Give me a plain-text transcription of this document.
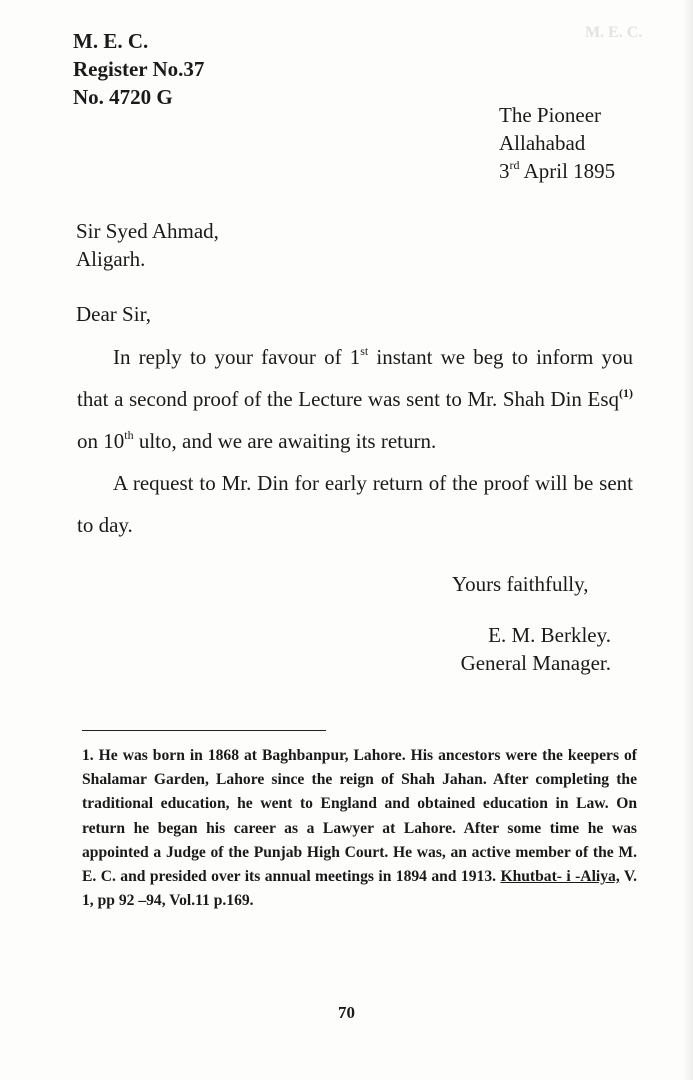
M. E. C.
M. E. C.
Register No.37
No. 4720 G
The Pioneer
Allahabad
3rd April 1895
Sir Syed Ahmad,
Aligarh.
Dear Sir,

In reply to your favour of 1st instant we beg to inform you that a second proof of the Lecture was sent to Mr. Shah Din Esq$^{(1)}$ on 10th ulto, and we are awaiting its return.

A request to Mr. Din for early return of the proof will be sent to day.

Yours faithfully,
E. M. Berkley.
General Manager.
1. He was born in 1868 at Baghbanpur, Lahore. His ancestors were the keepers of Shalamar Garden, Lahore since the reign of Shah Jahan. After completing the traditional education, he went to England and obtained education in Law. On return he began his career as a Lawyer at Lahore. After some time he was appointed a Judge of the Punjab High Court. He was, an active member of the M. E. C. and presided over its annual meetings in 1894 and 1913. Khutbat- i -Aliya, V. 1, pp 92 –94, Vol.11 p.169.
70
